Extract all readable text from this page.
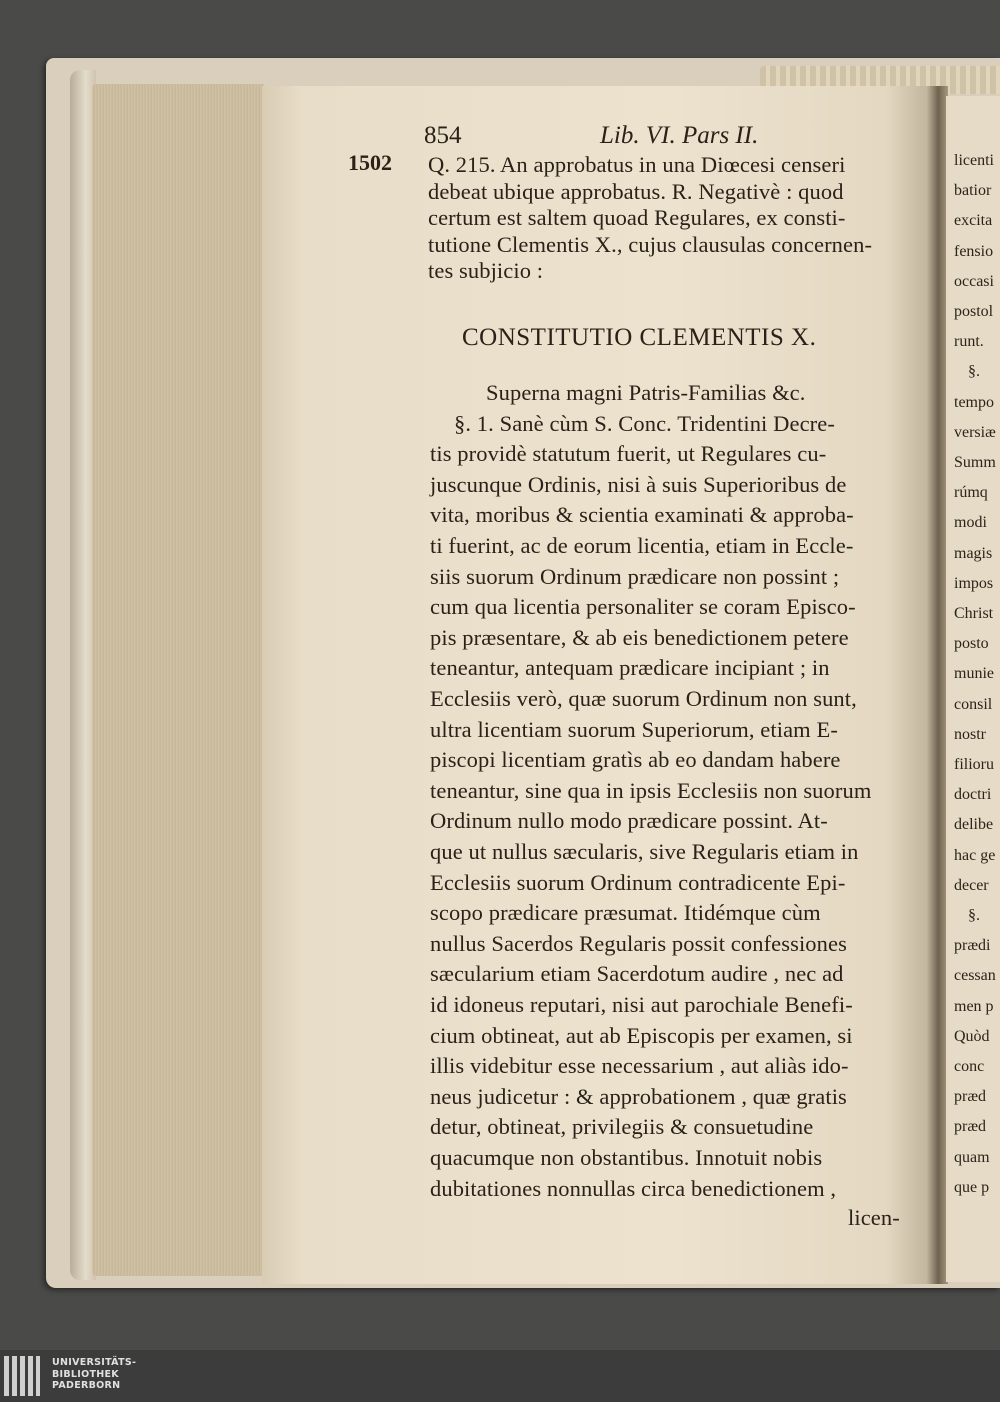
licenti
batior
excita
fensio
occasi
postol
runt.
§.
tempo
versiæ
Summ
rúmq
modi
magis
impos
Christ
posto
munie
consil
nostr
filioru
doctri
delibe
hac ge
decer
§.
prædi
cessan
men p
Quòd
conc
præd
præd
quam
que p
1502
854	Lib. VI. Pars II.
Q. 215. An approbatus in una Diœcesi censeri
debeat ubique approbatus. R. Negativè : quod
certum est saltem quoad Regulares, ex consti-
tutione Clementis X., cujus clausulas concernen-
tes subjicio :
CONSTITUTIO CLEMENTIS X.
Superna magni Patris-Familias &c.
§. 1. Sanè cùm S. Conc. Tridentini Decre-
tis providè statutum fuerit, ut Regulares cu-
juscunque Ordinis, nisi à suis Superioribus de
vita, moribus & scientia examinati & approba-
ti fuerint, ac de eorum licentia, etiam in Eccle-
siis suorum Ordinum prædicare non possint ;
cum qua licentia personaliter se coram Episco-
pis præsentare, & ab eis benedictionem petere
teneantur, antequam prædicare incipiant ; in
Ecclesiis verò, quæ suorum Ordinum non sunt,
ultra licentiam suorum Superiorum, etiam E-
piscopi licentiam gratìs ab eo dandam habere
teneantur, sine qua in ipsis Ecclesiis non suorum
Ordinum nullo modo prædicare possint. At-
que ut nullus sæcularis, sive Regularis etiam in
Ecclesiis suorum Ordinum contradicente Epi-
scopo prædicare præsumat. Itidémque cùm
nullus Sacerdos Regularis possit confessiones
sæcularium etiam Sacerdotum audire , nec ad
id idoneus reputari, nisi aut parochiale Benefi-
cium obtineat, aut ab Episcopis per examen, si
illis videbitur esse necessarium , aut aliàs ido-
neus judicetur : & approbationem , quæ gratis
detur, obtineat, privilegiis & consuetudine
quacumque non obstantibus. Innotuit nobis
dubitationes nonnullas circa benedictionem ,
licen-
UNIVERSITÄTS-
BIBLIOTHEK
PADERBORN
